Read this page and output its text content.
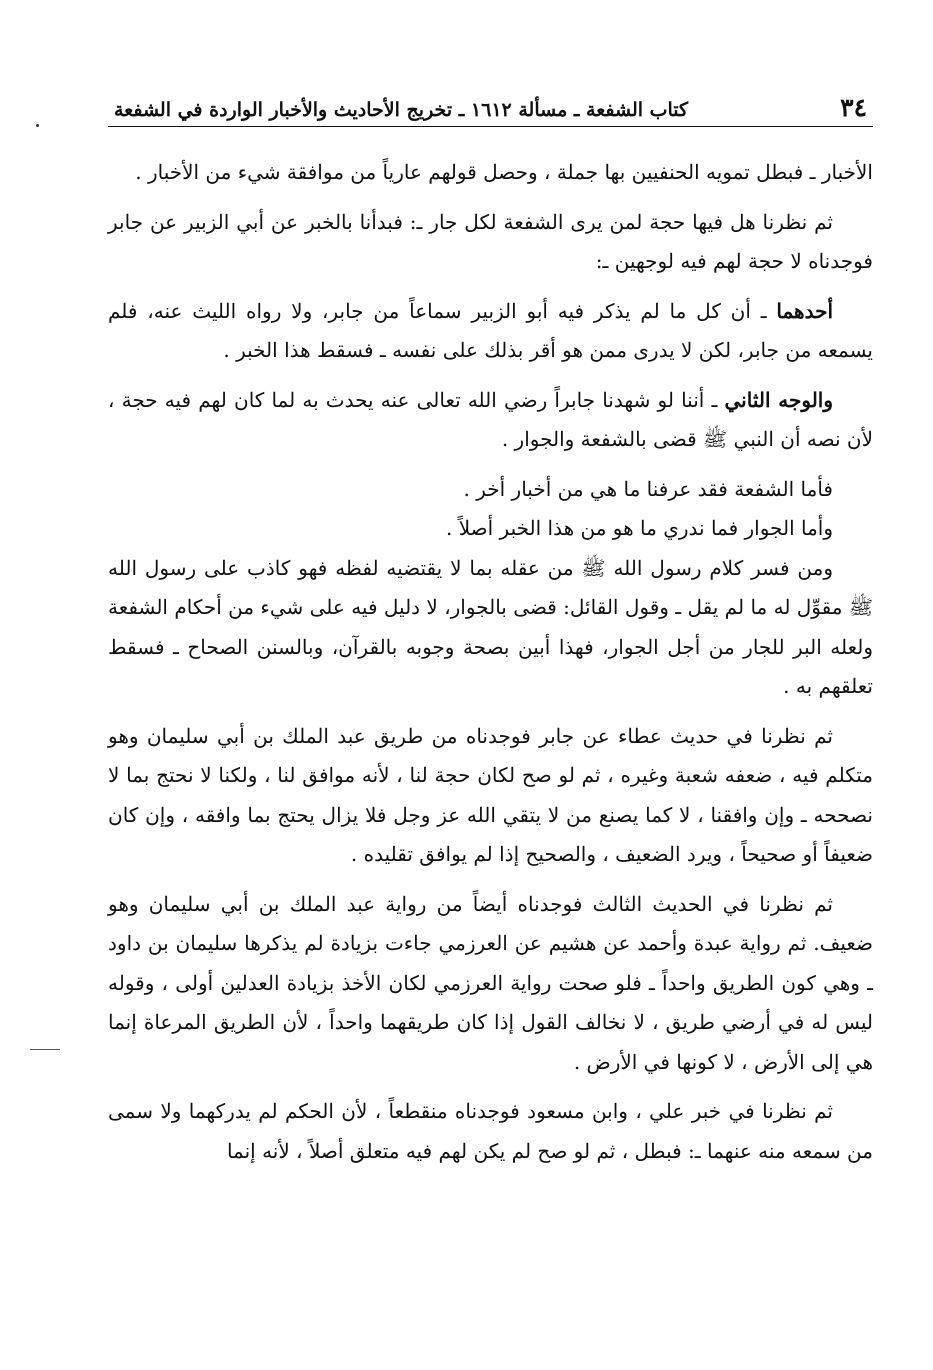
٣٤
كتاب الشفعة ـ مسألة ١٦١٢ ـ تخريج الأحاديث والأخبار الواردة في الشفعة

الأخبار ـ فبطل تمويه الحنفيين بها جملة ، وحصل قولهم عارياً من موافقة شيء من الأخبار .

ثم نظرنا هل فيها حجة لمن يرى الشفعة لكل جار ـ: فبدأنا بالخبر عن أبي الزبير عن جابر فوجدناه لا حجة لهم فيه لوجهين ـ:

أحدهما ـ أن كل ما لم يذكر فيه أبو الزبير سماعاً من جابر، ولا رواه الليث عنه، فلم يسمعه من جابر، لكن لا يدرى ممن هو أقر بذلك على نفسه ـ فسقط هذا الخبر .

والوجه الثاني ـ أننا لو شهدنا جابراً رضي الله تعالى عنه يحدث به لما كان لهم فيه حجة ، لأن نصه أن النبي ﷺ قضى بالشفعة والجوار .

فأما الشفعة فقد عرفنا ما هي من أخبار أخر .

وأما الجوار فما ندري ما هو من هذا الخبر أصلاً .

ومن فسر كلام رسول الله ﷺ من عقله بما لا يقتضيه لفظه فهو كاذب على رسول الله ﷺ مقوِّل له ما لم يقل ـ وقول القائل: قضى بالجوار، لا دليل فيه على شيء من أحكام الشفعة ولعله البر للجار من أجل الجوار، فهذا أبين بصحة وجوبه بالقرآن، وبالسنن الصحاح ـ فسقط تعلقهم به .

ثم نظرنا في حديث عطاء عن جابر فوجدناه من طريق عبد الملك بن أبي سليمان وهو متكلم فيه ، ضعفه شعبة وغيره ، ثم لو صح لكان حجة لنا ، لأنه موافق لنا ، ولكنا لا نحتج بما لا نصححه ـ وإن وافقنا ، لا كما يصنع من لا يتقي الله عز وجل فلا يزال يحتج بما وافقه ، وإن كان ضعيفاً أو صحيحاً ، ويرد الضعيف ، والصحيح إذا لم يوافق تقليده .

ثم نظرنا في الحديث الثالث فوجدناه أيضاً من رواية عبد الملك بن أبي سليمان وهو ضعيف. ثم رواية عبدة وأحمد عن هشيم عن العرزمي جاءت بزيادة لم يذكرها سليمان بن داود ـ وهي كون الطريق واحداً ـ فلو صحت رواية العرزمي لكان الأخذ بزيادة العدلين أولى ، وقوله ليس له في أرضي طريق ، لا نخالف القول إذا كان طريقهما واحداً ، لأن الطريق المرعاة إنما هي إلى الأرض ، لا كونها في الأرض .

ثم نظرنا في خبر علي ، وابن مسعود فوجدناه منقطعاً ، لأن الحكم لم يدركهما ولا سمى من سمعه منه عنهما ـ: فبطل ، ثم لو صح لم يكن لهم فيه متعلق أصلاً ، لأنه إنما
